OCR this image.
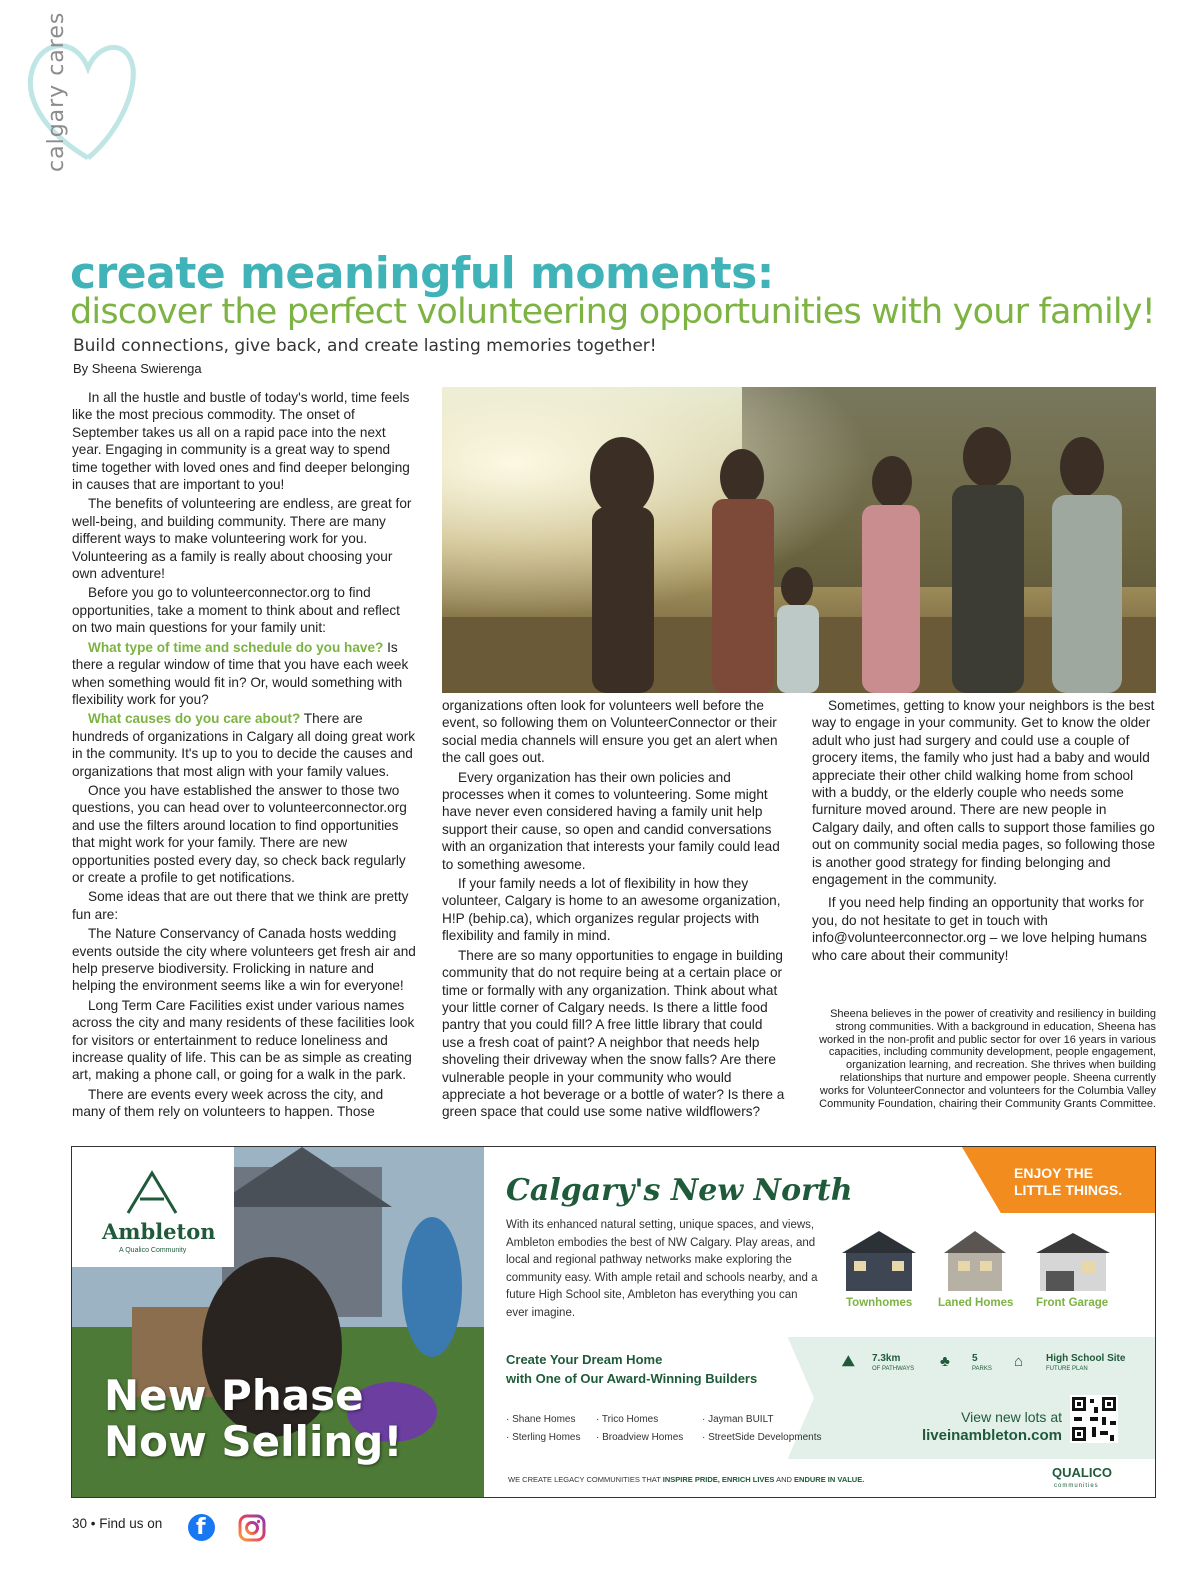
calgary cares
create meaningful moments:
discover the perfect volunteering opportunities with your family!
Build connections, give back, and create lasting memories together!
By Sheena Swierenga

In all the hustle and bustle of today's world, time feels like the most precious commodity. The onset of September takes us all on a rapid pace into the next year. Engaging in community is a great way to spend time together with loved ones and find deeper belonging in causes that are important to you!

The benefits of volunteering are endless, are great for well-being, and building community. There are many different ways to make volunteering work for you. Volunteering as a family is really about choosing your own adventure!

Before you go to volunteerconnector.org to find opportunities, take a moment to think about and reflect on two main questions for your family unit:

What type of time and schedule do you have? Is there a regular window of time that you have each week when something would fit in? Or, would something with flexibility work for you?

What causes do you care about? There are hundreds of organizations in Calgary all doing great work in the community. It's up to you to decide the causes and organizations that most align with your family values.

Once you have established the answer to those two questions, you can head over to volunteerconnector.org and use the filters around location to find opportunities that might work for your family. There are new opportunities posted every day, so check back regularly or create a profile to get notifications.

Some ideas that are out there that we think are pretty fun are:

The Nature Conservancy of Canada hosts wedding events outside the city where volunteers get fresh air and help preserve biodiversity. Frolicking in nature and helping the environment seems like a win for everyone!

Long Term Care Facilities exist under various names across the city and many residents of these facilities look for visitors or entertainment to reduce loneliness and increase quality of life. This can be as simple as creating art, making a phone call, or going for a walk in the park.

There are events every week across the city, and many of them rely on volunteers to happen. Those

organizations often look for volunteers well before the event, so following them on VolunteerConnector or their social media channels will ensure you get an alert when the call goes out.

Every organization has their own policies and processes when it comes to volunteering. Some might have never even considered having a family unit help support their cause, so open and candid conversations with an organization that interests your family could lead to something awesome.

If your family needs a lot of flexibility in how they volunteer, Calgary is home to an awesome organization, H!P (behip.ca), which organizes regular projects with flexibility and family in mind.

There are so many opportunities to engage in building community that do not require being at a certain place or time or formally with any organization. Think about what your little corner of Calgary needs. Is there a little food pantry that you could fill? A free little library that could use a fresh coat of paint? A neighbor that needs help shoveling their driveway when the snow falls? Are there vulnerable people in your community who would appreciate a hot beverage or a bottle of water? Is there a green space that could use some native wildflowers?

Sometimes, getting to know your neighbors is the best way to engage in your community. Get to know the older adult who just had surgery and could use a couple of grocery items, the family who just had a baby and would appreciate their other child walking home from school with a buddy, or the elderly couple who needs some furniture moved around. There are new people in Calgary daily, and often calls to support those families go out on community social media pages, so following those is another good strategy for finding belonging and engagement in the community.

If you need help finding an opportunity that works for you, do not hesitate to get in touch with info@volunteerconnector.org – we love helping humans who care about their community!

Sheena believes in the power of creativity and resiliency in building strong communities. With a background in education, Sheena has worked in the non-profit and public sector for over 16 years in various capacities, including community development, people engagement, organization learning, and recreation. She thrives when building relationships that nurture and empower people. Sheena currently works for VolunteerConnector and volunteers for the Columbia Valley Community Foundation, chairing their Community Grants Committee.
Ambleton
A Qualico Community
New Phase
Now Selling!
Calgary's New North
With its enhanced natural setting, unique spaces, and views, Ambleton embodies the best of NW Calgary. Play areas, and local and regional pathway networks make exploring the community easy. With ample retail and schools nearby, and a future High School site, Ambleton has everything you can ever imagine.
ENJOY THE
LITTLE THINGS.
Townhomes Laned Homes Front Garage
Create Your Dream Home
with One of Our Award-Winning Builders
· Shane Homes · Trico Homes	· Jayman BUILT
· Sterling Homes · Broadview Homes · StreetSide Developments
⛰ 7.3km
OF PATHWAYS ♣ 5
PARKS ⌂ High School Site
FUTURE PLAN
View new lots at
liveinambleton.com
WE CREATE LEGACY COMMUNITIES THAT INSPIRE PRIDE, ENRICH LIVES AND ENDURE IN VALUE.	QUALICO
communities
30 • Find us on f
